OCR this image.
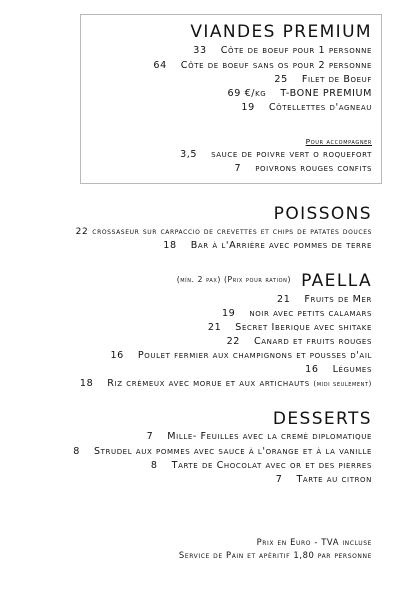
VIANDES PREMIUM
33 Côte de boeuf pour 1 personne
64 Côte de boeuf sans os pour 2 personne
25 Filet de Boeuf
69 €/kg T-BONE PREMIUM
19 Côtellettes d'agneau
Pour accompagner
3,5 sauce de poivre vert o roquefort
7 poivrons rouges confits
POISSONS
22 crossaseur sur carpaccio de crevettes et chips de patates douces
18 Bar à l'Arrière avec pommes de terre
$^{(mín. 2 pax) (Prix pour ration)}$ PAELLA
21 Fruits de Mer
19 noir avec petits calamars
21 Secret Iberique avec shitake
22 Canard et fruits rouges
16 Poulet fermier aux champignons et pousses d'ail
16 Légumes
18 Riz crémeux avec morue et aux artichauts (midi seulement)
DESSERTS
7 Mille- Feuilles avec la cremè diplomatique
8 Strudel aux pommes avec sauce à l'orange et à la vanille
8 Tarte de Chocolat avec or et des pierres
7 Tarte au citron
Prix en Euro - TVA incluse
Service de Pain et apèritif 1,80 par personne
